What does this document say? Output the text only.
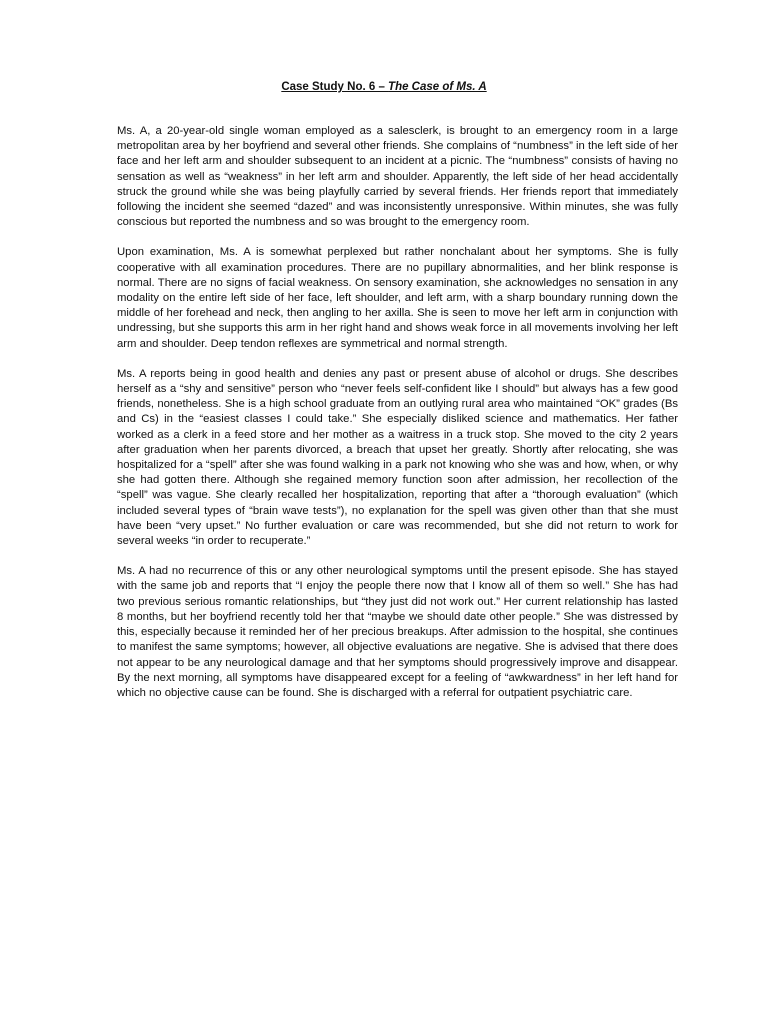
Case Study No. 6 – The Case of Ms. A

Ms. A, a 20-year-old single woman employed as a salesclerk, is brought to an emergency room in a large metropolitan area by her boyfriend and several other friends. She complains of “numbness” in the left side of her face and her left arm and shoulder subsequent to an incident at a picnic. The “numbness” consists of having no sensation as well as “weakness” in her left arm and shoulder. Apparently, the left side of her head accidentally struck the ground while she was being playfully carried by several friends. Her friends report that immediately following the incident she seemed “dazed” and was inconsistently unresponsive. Within minutes, she was fully conscious but reported the numbness and so was brought to the emergency room.

Upon examination, Ms. A is somewhat perplexed but rather nonchalant about her symptoms. She is fully cooperative with all examination procedures. There are no pupillary abnormalities, and her blink response is normal. There are no signs of facial weakness. On sensory examination, she acknowledges no sensation in any modality on the entire left side of her face, left shoulder, and left arm, with a sharp boundary running down the middle of her forehead and neck, then angling to her axilla. She is seen to move her left arm in conjunction with undressing, but she supports this arm in her right hand and shows weak force in all movements involving her left arm and shoulder. Deep tendon reflexes are symmetrical and normal strength.

Ms. A reports being in good health and denies any past or present abuse of alcohol or drugs. She describes herself as a “shy and sensitive” person who “never feels self-confident like I should” but always has a few good friends, nonetheless. She is a high school graduate from an outlying rural area who maintained “OK” grades (Bs and Cs) in the “easiest classes I could take.” She especially disliked science and mathematics. Her father worked as a clerk in a feed store and her mother as a waitress in a truck stop. She moved to the city 2 years after graduation when her parents divorced, a breach that upset her greatly. Shortly after relocating, she was hospitalized for a “spell” after she was found walking in a park not knowing who she was and how, when, or why she had gotten there. Although she regained memory function soon after admission, her recollection of the “spell” was vague. She clearly recalled her hospitalization, reporting that after a “thorough evaluation” (which included several types of “brain wave tests”), no explanation for the spell was given other than that she must have been “very upset.” No further evaluation or care was recommended, but she did not return to work for several weeks “in order to recuperate.”

Ms. A had no recurrence of this or any other neurological symptoms until the present episode. She has stayed with the same job and reports that “I enjoy the people there now that I know all of them so well.” She has had two previous serious romantic relationships, but “they just did not work out.” Her current relationship has lasted 8 months, but her boyfriend recently told her that “maybe we should date other people.” She was distressed by this, especially because it reminded her of her precious breakups. After admission to the hospital, she continues to manifest the same symptoms; however, all objective evaluations are negative. She is advised that there does not appear to be any neurological damage and that her symptoms should progressively improve and disappear. By the next morning, all symptoms have disappeared except for a feeling of “awkwardness” in her left hand for which no objective cause can be found. She is discharged with a referral for outpatient psychiatric care.
